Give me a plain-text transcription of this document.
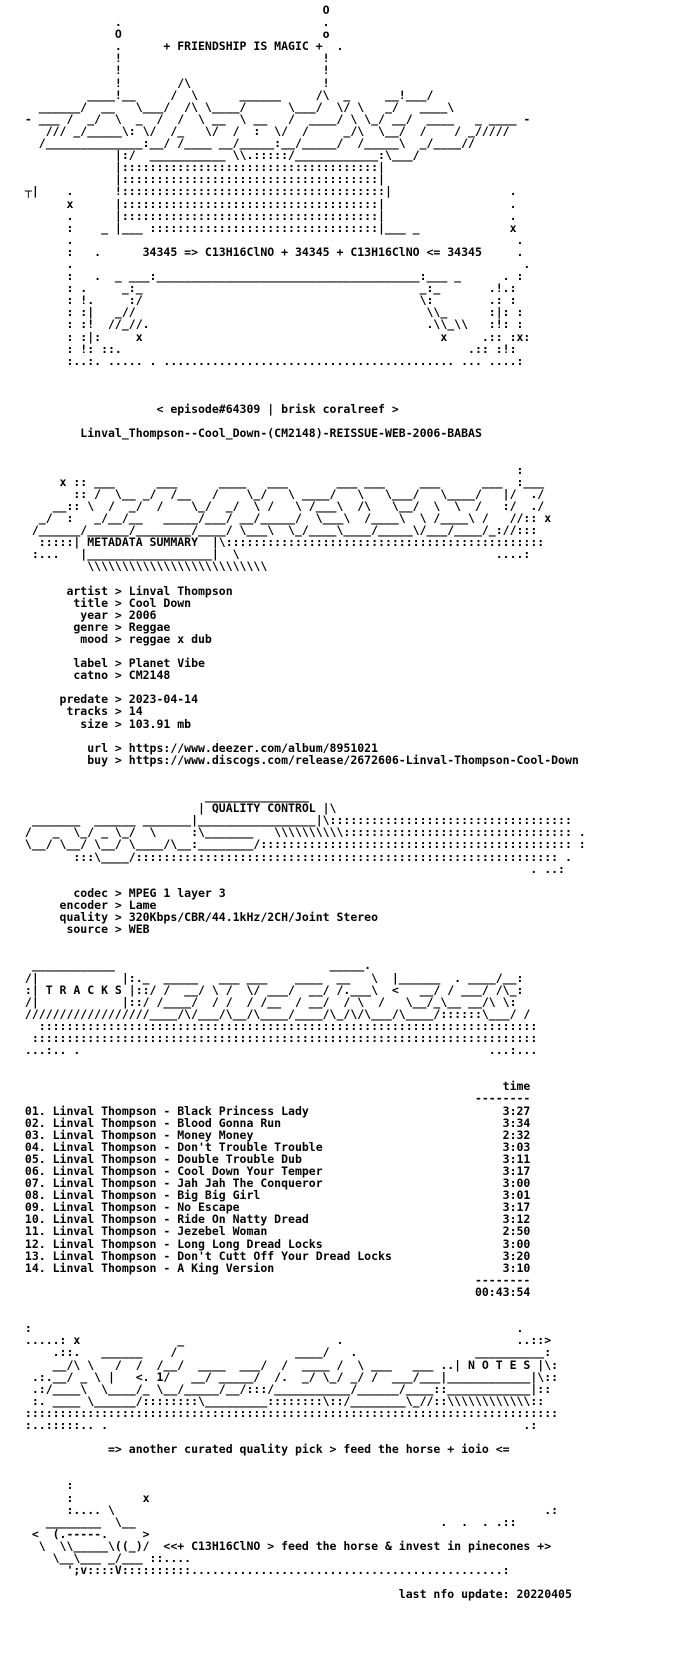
O
.                             .
O                             o
.      + FRIENDSHIP IS MAGIC +  .
!                             !
!                             !
!        /\                   !
____!__     /  \      ______     /\  _     __!___/
______/  __   \___/  /\ \____/      \___/  \/ \   _/   ____\
- ___ /  _/  \  _  /  /  \ __  \ __   /  ____/ \ \_/ __/  ____   _ ____ -
/// _/_____\: \/  /_   \/  /  :  \/  /     _/\  \__/  /    / _/////
/______________:__/ /____ __/_____:__/_____/  /_____\  _/____//
|:/  ___________ \\.:::::/____________:\___/
|:::::::::::::::::::::::::::::::::::::|
|:::::::::::::::::::::::::::::::::::::|
┬|    .      !::::::::::::::::::::::::::::::::::::::|                 .
x      |:::::::::::::::::::::::::::::::::::::|                  .
.      |:::::::::::::::::::::::::::::::::::::|                  .
:    _ |___ :::::::::::::::::::::::::::::::::|___ _             x
.                                                                .
:   .      34345 => C13H16ClNO + 34345 + C13H16ClNO <= 34345     .
.                                                                 .
:   .  _ ___:______________________________________:___ _      . :
: .     _:_                                        _:_       .!.:
: !.     :/                                        \:        .: :
: :|   _//                                          \\_      :|: :
: :!  //_//.                                        .\\_\\   :!: :
: :|:     x                                           x     .:: :x:
: !: ::.                                                  .:: :!:
:..:. ..... . .......................................... ... ....:

< episode#64309 | brisk coralreef >

Linval_Thompson--Cool_Down-(CM2148)-REISSUE-WEB-2006-BABAS

:
x :: ___      ___      ____   ___       ___ ___     ___      ___  :___
:: /  \__ _/  /__   /    \_/   \ ____/   \   \___/   \____/   |/  ./
__:: \  /  _/  /    \_/  _/  \ /   \ /___\  /\   \__/  \  \  /   :/  ./
_/  :   _/__/__   _____/___/ __/_____/  \___\  /____\  \ /____\ /   //:: x
/______/______/________/____/ \___\  \_/____\____/_____\/___/____/_://:::
:::::| METADATA SUMMARY  |\::::::::::::::::::::::::::::::::::::::::::::::
:...   |__________________|  \                                     ....:
\\\\\\\\\\\\\\\\\\\\\\\\\\

artist > Linval Thompson
title > Cool Down
year > 2006
genre > Reggae
mood > reggae x dub

label > Planet Vibe
catno > CM2148

predate > 2023-04-14
tracks > 14
size > 103.91 mb

url > https://www.deezer.com/album/8951021
buy > https://www.discogs.com/release/2672606-Linval-Thompson-Cool-Down

_______________
| QUALITY CONTROL |\
_______  ______ _______|_________________|\:::::::::::::::::::::::::::::::::::
/   _  \_/ _ \_/  \     :\_______   \\\\\\\\\\::::::::::::::::::::::::::::::::: .
\__/ \__/ \__/ \____/\__:________/::::::::::::::::::::::::::::::::::::::::::::: :
:::\____/::::::::::::::::::::::::::::::::::::::::::::::::::::::::::::: .
. ..:

codec > MPEG 1 layer 3
encoder > Lame
quality > 320Kbps/CBR/44.1kHz/2CH/Joint Stereo
source > WEB

____________                               _____.
/|            |:._  _____   ___ ___    ____  __   \  |______  . ____/__:
:| T R A C K S |::/ /  __/ \ /  \/ ___/  __/ /.___\  <   __/ / ___/ /\_:
/|            |::/ /____/  / /  / /__  / __/  / \  /   \__/_\__ __/\ \:
//////////////////____/\/___/\__/\____/____/\_/\/\___/\____/::::::\___/ /
::::::::::::::::::::::::::::::::::::::::::::::::::::::::::::::::::::::::
:::::::::::::::::::::::::::::::::::::::::::::::::::::::::::::::::::::::::
...:.. .                                                           ...:...

time
--------
01. Linval Thompson - Black Princess Lady                            3:27
02. Linval Thompson - Blood Gonna Run                                3:34
03. Linval Thompson - Money Money                                    2:32
04. Linval Thompson - Don't Trouble Trouble                          3:03
05. Linval Thompson - Double Trouble Dub                             3:11
06. Linval Thompson - Cool Down Your Temper                          3:17
07. Linval Thompson - Jah Jah The Conqueror                          3:00
08. Linval Thompson - Big Big Girl                                   3:01
09. Linval Thompson - No Escape                                      3:17
10. Linval Thompson - Ride On Natty Dread                            3:12
11. Linval Thompson - Jezebel Woman                                  2:50
12. Linval Thompson - Long Long Dread Locks                          3:00
13. Linval Thompson - Don't Cutt Off Your Dread Locks                3:20
14. Linval Thompson - A King Version                                 3:10
--------
00:43:54

:                                                                      .
.....: x              _                      .                         ..::>
.::.   ______    /                 ____/   .                 __________:
__/\ \   /  /  /__/  ____  ___/  /  ____ /  \ ___   ___ ..| N O T E S |\:
.:.__/ _ \ |   <. 1/   __/ _____/  /.  _/ \_/ _/ /  ___/___|____________|\::
.:/____\  \____/_ \__/_____/__/:::/___________/______/____::____________|::
:. ____ \______/::::::::\_________::::::::\::/________\_//::\\\\\\\\\\\\::
:::::::::::::::::::::::::::::::::::::::::::::::::::::::::::::::::::::::::::::
:..:::::.. .                                                            .:

=> another curated quality pick > feed the horse + ioio <=

:
:          x
:.... \                                                              .:
________  \__                                            .  .  . .::
<  (.-----.     >
\  \\_____\((_)/  <<+ C13H16ClNO > feed the horse & invest in pinecones +>
\__\___ _/___ ::....
';v::::V::::::::::.............................................:

last nfo update: 20220405
